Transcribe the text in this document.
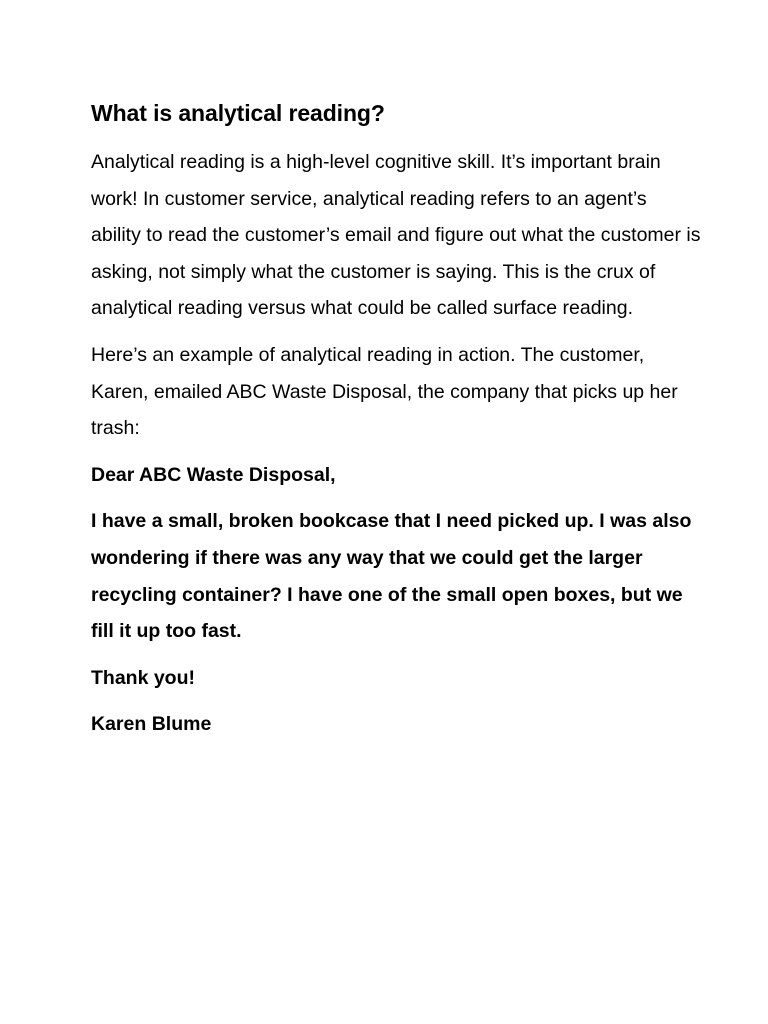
What is analytical reading?

Analytical reading is a high-level cognitive skill. It’s important brain work! In customer service, analytical reading refers to an agent’s ability to read the customer’s email and figure out what the customer is asking, not simply what the customer is saying. This is the crux of analytical reading versus what could be called surface reading.

Here’s an example of analytical reading in action. The customer, Karen, emailed ABC Waste Disposal, the company that picks up her trash:

Dear ABC Waste Disposal,

I have a small, broken bookcase that I need picked up. I was also wondering if there was any way that we could get the larger recycling container? I have one of the small open boxes, but we fill it up too fast.

Thank you!

Karen Blume
